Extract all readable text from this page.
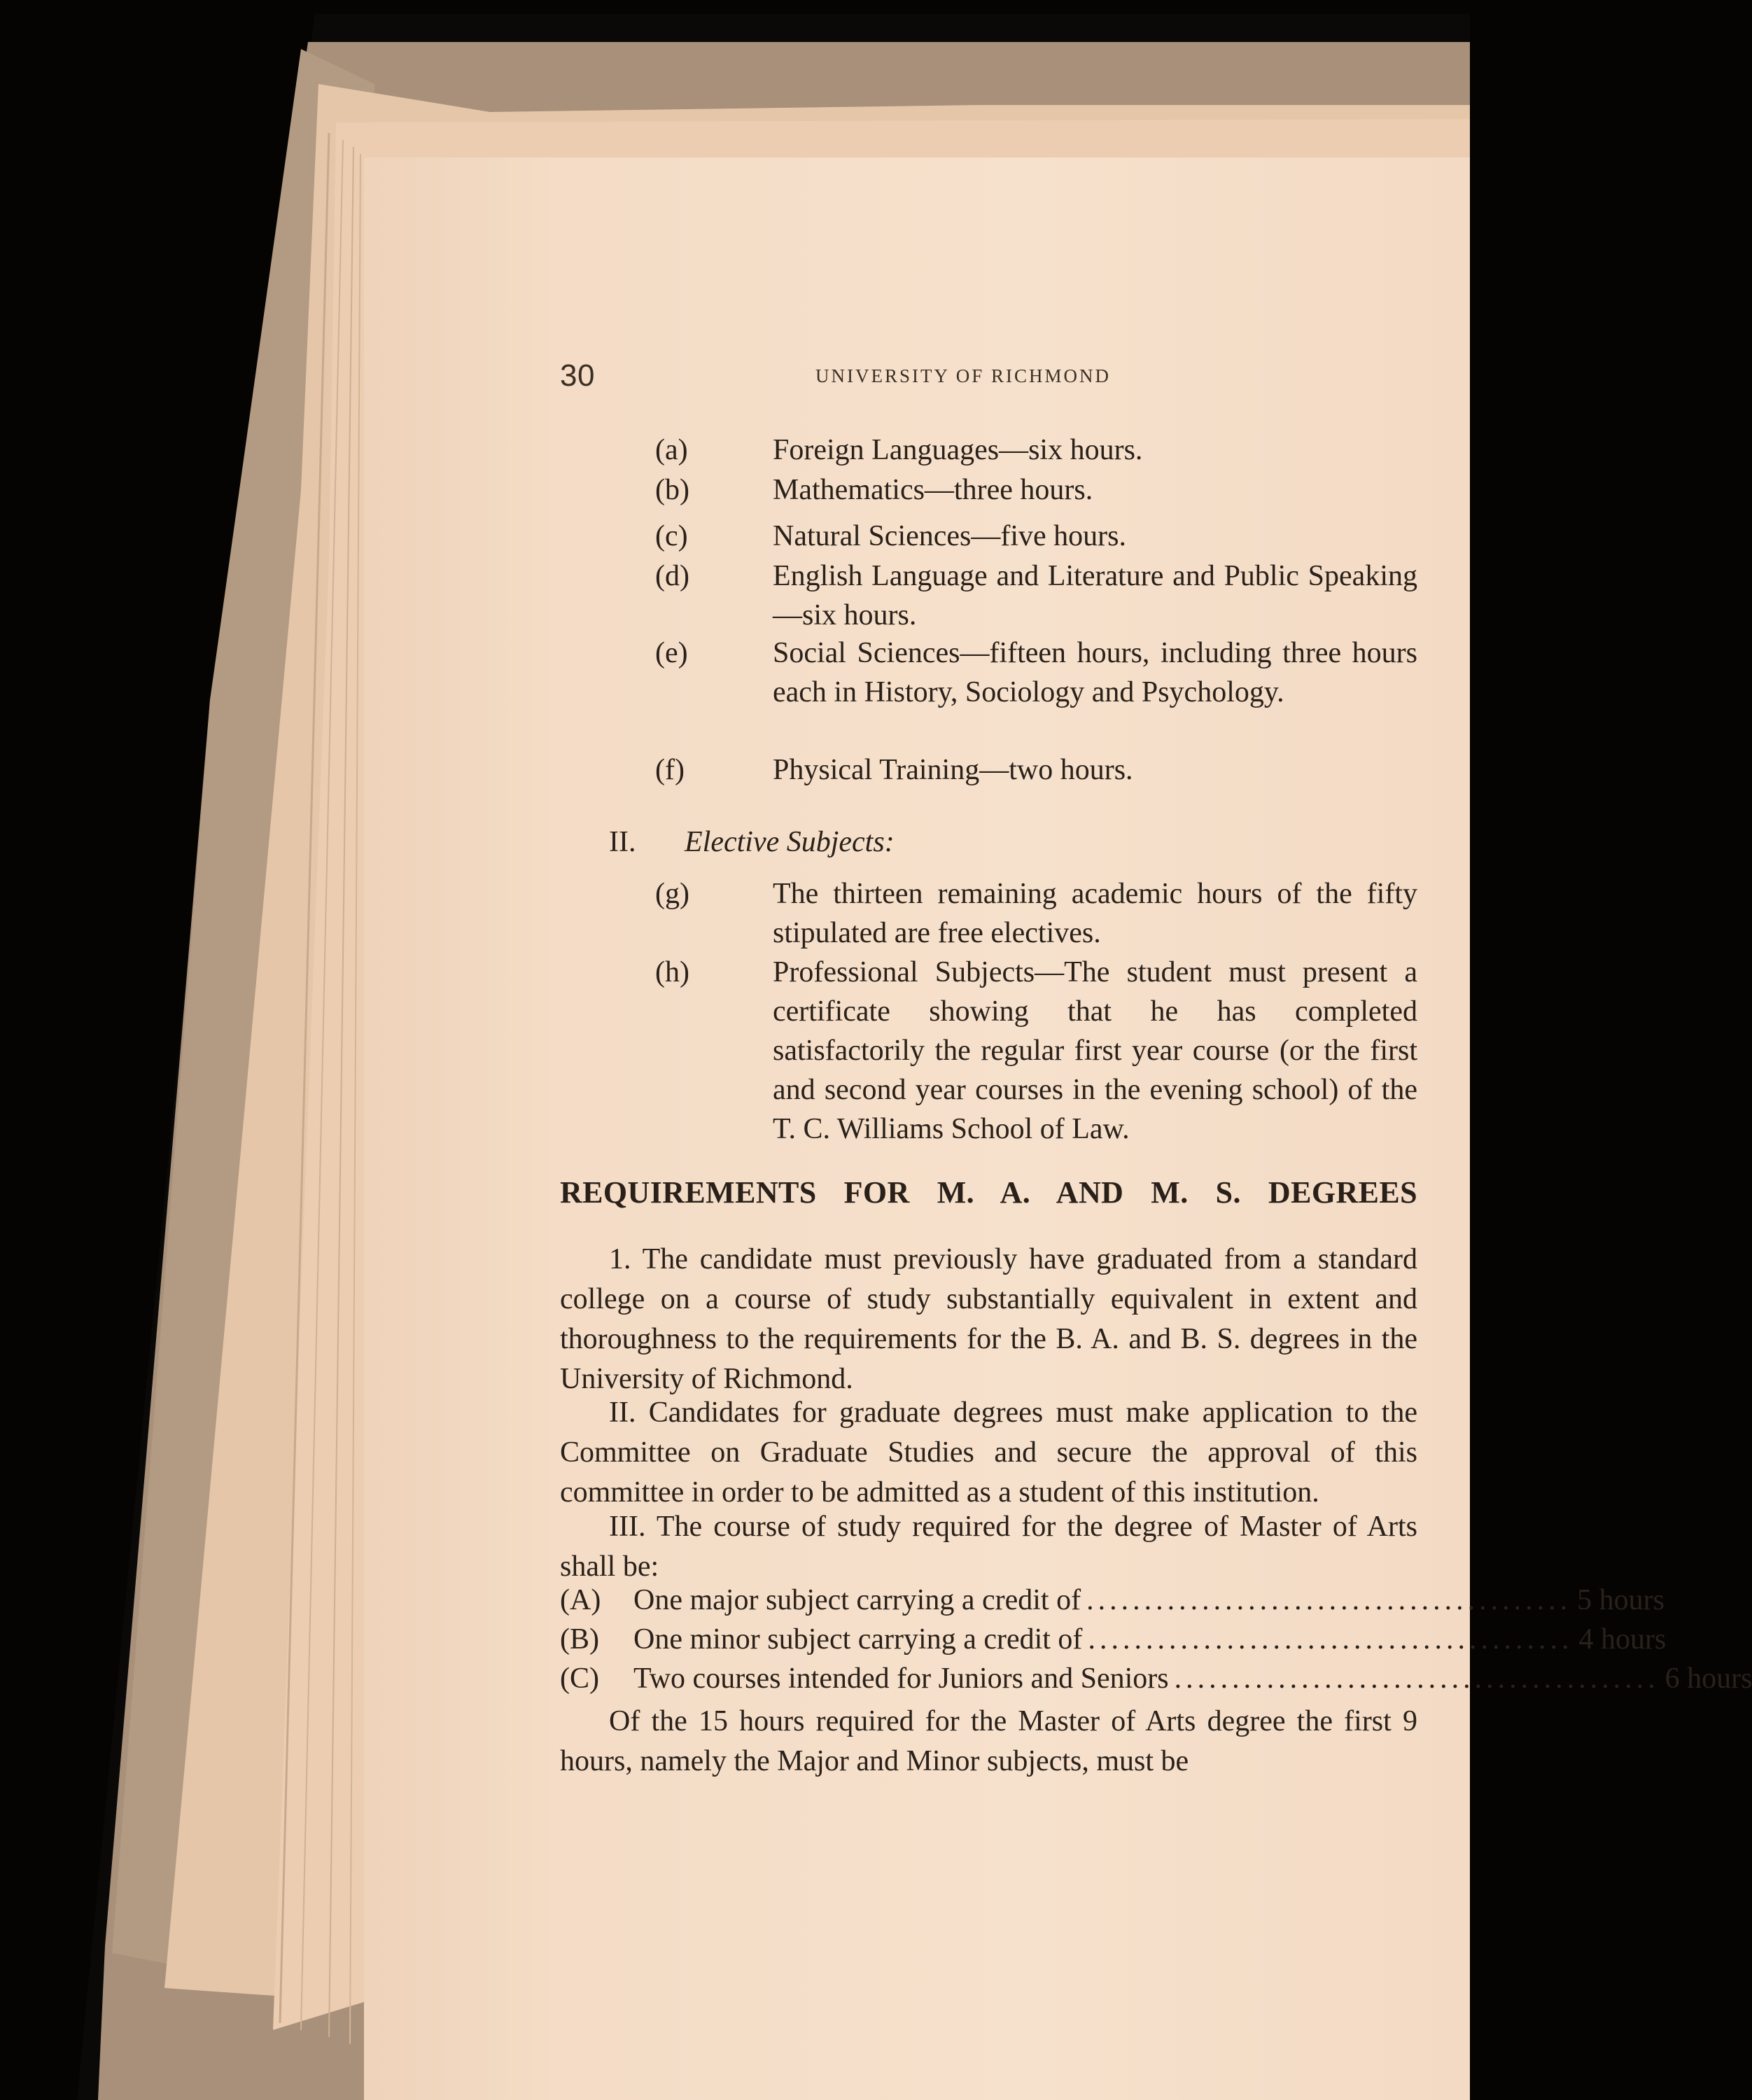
30	UNIVERSITY OF RICHMOND
(a)	Foreign Languages—six hours.
(b)	Mathematics—three hours.
(c)	Natural Sciences—five hours.
(d)	English Language and Literature and Public Speaking—six hours.
(e)	Social Sciences—fifteen hours, including three hours each in History, Sociology and Psychology.
(f)	Physical Training—two hours.
II. Elective Subjects:
(g)	The thirteen remaining academic hours of the fifty stipulated are free electives.
(h)	Professional Subjects—The student must present a certificate showing that he has completed satisfactorily the regular first year course (or the first and second year courses in the evening school) of the T. C. Williams School of Law.
REQUIREMENTS FOR M. A. AND M. S. DEGREES
1. The candidate must previously have graduated from a standard college on a course of study substantially equivalent in extent and thoroughness to the requirements for the B. A. and B. S. degrees in the University of Richmond.
II. Candidates for graduate degrees must make application to the Committee on Graduate Studies and secure the approval of this committee in order to be admitted as a student of this institution.
III. The course of study required for the degree of Master of Arts shall be:
(A)	One major subject carrying a credit of .......................................... 5 hours
(B)	One minor subject carrying a credit of .......................................... 4 hours
(C)	Two courses intended for Juniors and Seniors .......................................... 6 hours
Of the 15 hours required for the Master of Arts degree the first 9 hours, namely the Major and Minor subjects, must be
